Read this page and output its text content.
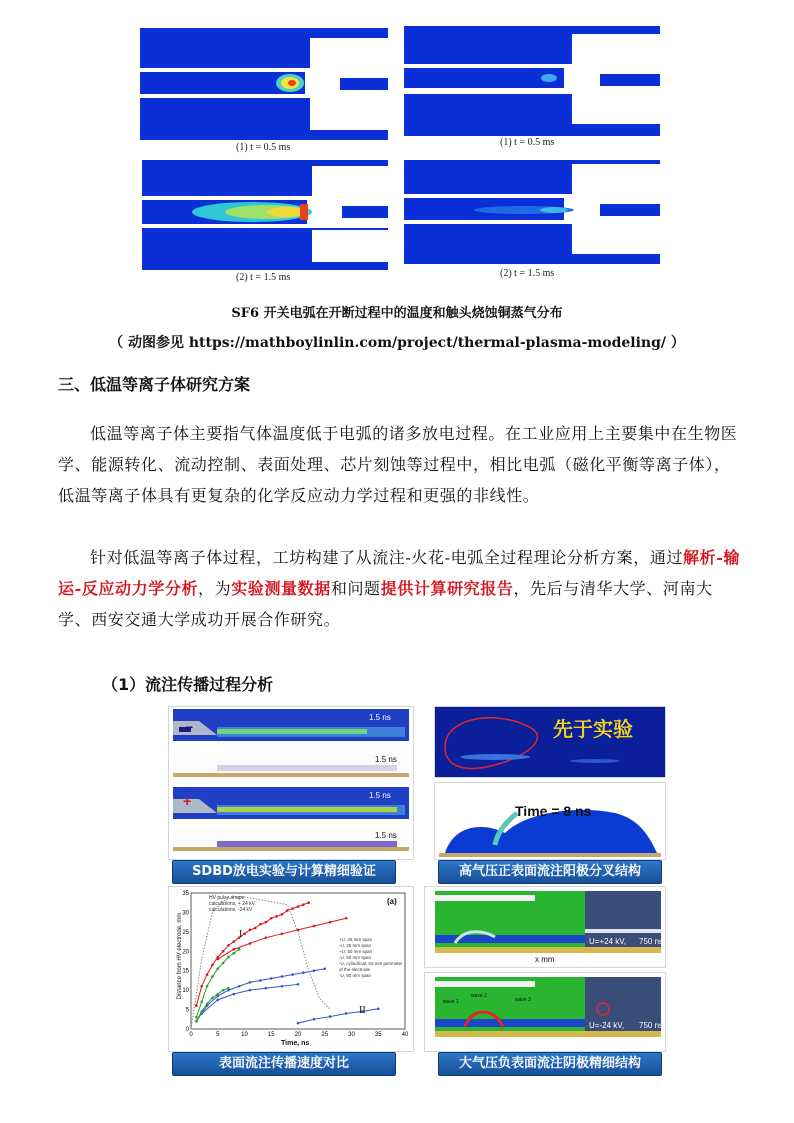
(1) t = 0.5 ms	(1) t = 0.5 ms
(2) t = 1.5 ms	(2) t = 1.5 ms
SF6 开关电弧在开断过程中的温度和触头烧蚀铜蒸气分布
（ 动图参见 https://mathboylinlin.com/project/thermal-plasma-modeling/ ）
三、低温等离子体研究方案
低温等离子体主要指气体温度低于电弧的诸多放电过程。在工业应用上主要集中在生物医学、能源转化、流动控制、表面处理、芯片刻蚀等过程中，相比电弧（磁化平衡等离子体），低温等离子体具有更复杂的化学反应动力学过程和更强的非线性。
针对低温等离子体过程，工坊构建了从流注-火花-电弧全过程理论分析方案，通过解析-输运-反应动力学分析，为实验测量数据和问题提供计算研究报告，先后与清华大学、河南大学、西安交通大学成功开展合作研究。
（1）流注传播过程分析
−
+
1.5 ns
1.5 ns
1.5 ns
1.5 ns
SDBD放电实验与计算精细验证
先于实验
Time = 8 ns
高气压正表面流注阳极分叉结构
0	5	10	15	20	25	30	35	40
0
5
10
15
20
25
30
35
Distance from HV electrode, mm
Time, ns
(a)
HV pulse shape
calculations, + 24 kV
calculations, -24 kV
+U, 25 mm span
-U, 25 mm span
+U, 50 mm span
-U, 50 mm span
-U, cylindrical, 63 mm perimeter of the electrode
-U, 80 mm span
I
II
表面流注传播速度对比
U=+24 kV, 750 ns
x mm
wave 1
wave 2
wave 3
U=-24 kV, 750 ns
大气压负表面流注阴极精细结构
